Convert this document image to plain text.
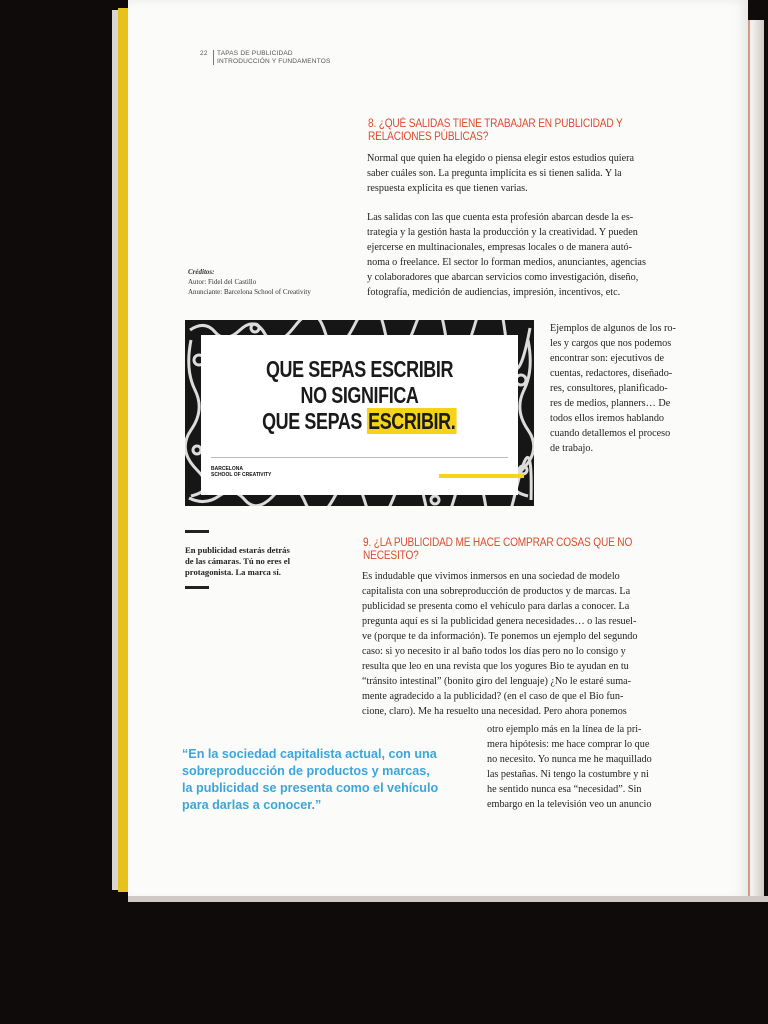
22 TAPAS DE PUBLICIDAD
INTRODUCCIÓN Y FUNDAMENTOS
8. ¿QUÉ SALIDAS TIENE TRABAJAR EN PUBLICIDAD Y
RELACIONES PÚBLICAS?
Normal que quien ha elegido o piensa elegir estos estudios quiera
saber cuáles son. La pregunta implícita es si tienen salida. Y la
respuesta explícita es que tienen varias.
Las salidas con las que cuenta esta profesión abarcan desde la es-
trategia y la gestión hasta la producción y la creatividad. Y pueden
ejercerse en multinacionales, empresas locales o de manera autó-
noma o freelance. El sector lo forman medios, anunciantes, agencias
y colaboradores que abarcan servicios como investigación, diseño,
fotografía, medición de audiencias, impresión, incentivos, etc.
Créditos:
Autor: Fidel del Castillo
Anunciante: Barcelona School of Creativity
QUE SEPAS ESCRIBIR
NO SIGNIFICA
QUE SEPAS ESCRIBIR.
BARCELONA
SCHOOL OF CREATIVITY
Ejemplos de algunos de los ro-
les y cargos que nos podemos
encontrar son: ejecutivos de
cuentas, redactores, diseñado-
res, consultores, planificado-
res de medios, planners… De
todos ellos iremos hablando
cuando detallemos el proceso
de trabajo.
En publicidad estarás detrás
de las cámaras. Tú no eres el
protagonista. La marca sí.
9. ¿LA PUBLICIDAD ME HACE COMPRAR COSAS QUE NO
NECESITO?
Es indudable que vivimos inmersos en una sociedad de modelo
capitalista con una sobreproducción de productos y de marcas. La
publicidad se presenta como el vehículo para darlas a conocer. La
pregunta aquí es si la publicidad genera necesidades… o las resuel-
ve (porque te da información). Te ponemos un ejemplo del segundo
caso: si yo necesito ir al baño todos los días pero no lo consigo y
resulta que leo en una revista que los yogures Bio te ayudan en tu
“tránsito intestinal” (bonito giro del lenguaje) ¿No le estaré suma-
mente agradecido a la publicidad? (en el caso de que el Bio fun-
cione, claro). Me ha resuelto una necesidad. Pero ahora ponemos
otro ejemplo más en la línea de la pri-
mera hipótesis: me hace comprar lo que
no necesito. Yo nunca me he maquillado
las pestañas. Ni tengo la costumbre y ni
he sentido nunca esa “necesidad”. Sin
embargo en la televisión veo un anuncio
“En la sociedad capitalista actual, con una
sobreproducción de productos y marcas,
la publicidad se presenta como el vehículo
para darlas a conocer.”
